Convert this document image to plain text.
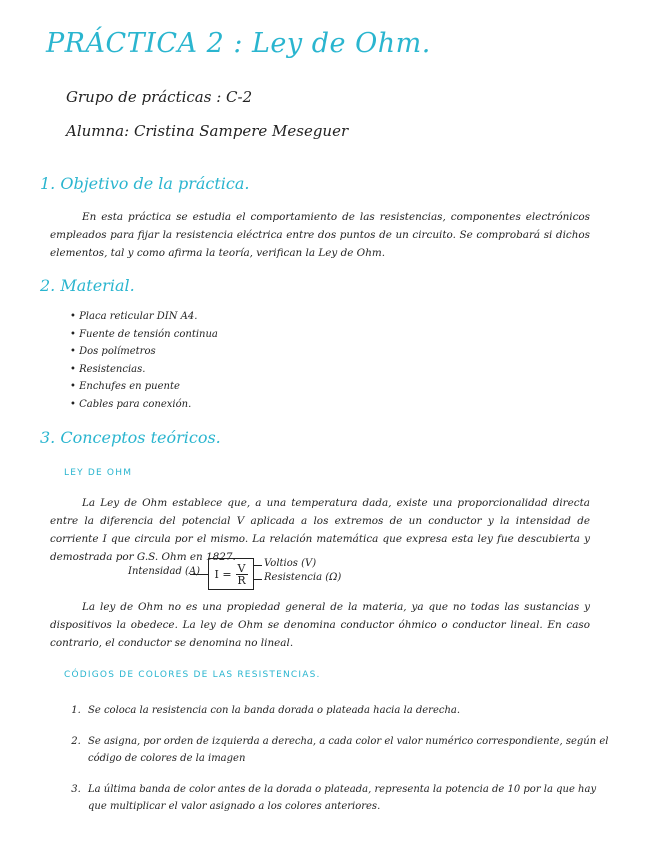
PRÁCTICA 2 : Ley de Ohm.
Grupo de prácticas : C-2
Alumna: Cristina Sampere Meseguer
1. Objetivo de la práctica.
En esta práctica se estudia el comportamiento de las resistencias, componentes electrónicos empleados para fijar la resistencia eléctrica entre dos puntos de un circuito. Se comprobará si dichos elementos, tal y como afirma la teoría, verifican la Ley de Ohm.
2. Material.
• Placa reticular DIN A4.
• Fuente de tensión continua
• Dos polímetros
• Resistencias.
• Enchufes en puente
• Cables para conexión.
3. Conceptos teóricos.
LEY DE OHM
La Ley de Ohm establece que, a una temperatura dada, existe una proporcionalidad directa entre la diferencia del potencial V aplicada a los extremos de un conductor y la intensidad de corriente I que circula por el mismo. La relación matemática que expresa esta ley fue descubierta y demostrada por G.S. Ohm en 1827.
Intensidad (A) $I = \frac{V}{R}$ Voltios (V)
Resistencia (Ω)
La ley de Ohm no es una propiedad general de la materia, ya que no todas las sustancias y dispositivos la obedece. La ley de Ohm se denomina conductor óhmico o conductor lineal. En caso contrario, el conductor se denomina no lineal.
CÓDIGOS DE COLORES DE LAS RESISTENCIAS.
1. Se coloca la resistencia con la banda dorada o plateada hacia la derecha.
2. Se asigna, por orden de izquierda a derecha, a cada color el valor numérico correspondiente, según el código de colores de la imagen
3. La última banda de color antes de la dorada o plateada, representa la potencia de 10 por la que hay que multiplicar el valor asignado a los colores anteriores.
